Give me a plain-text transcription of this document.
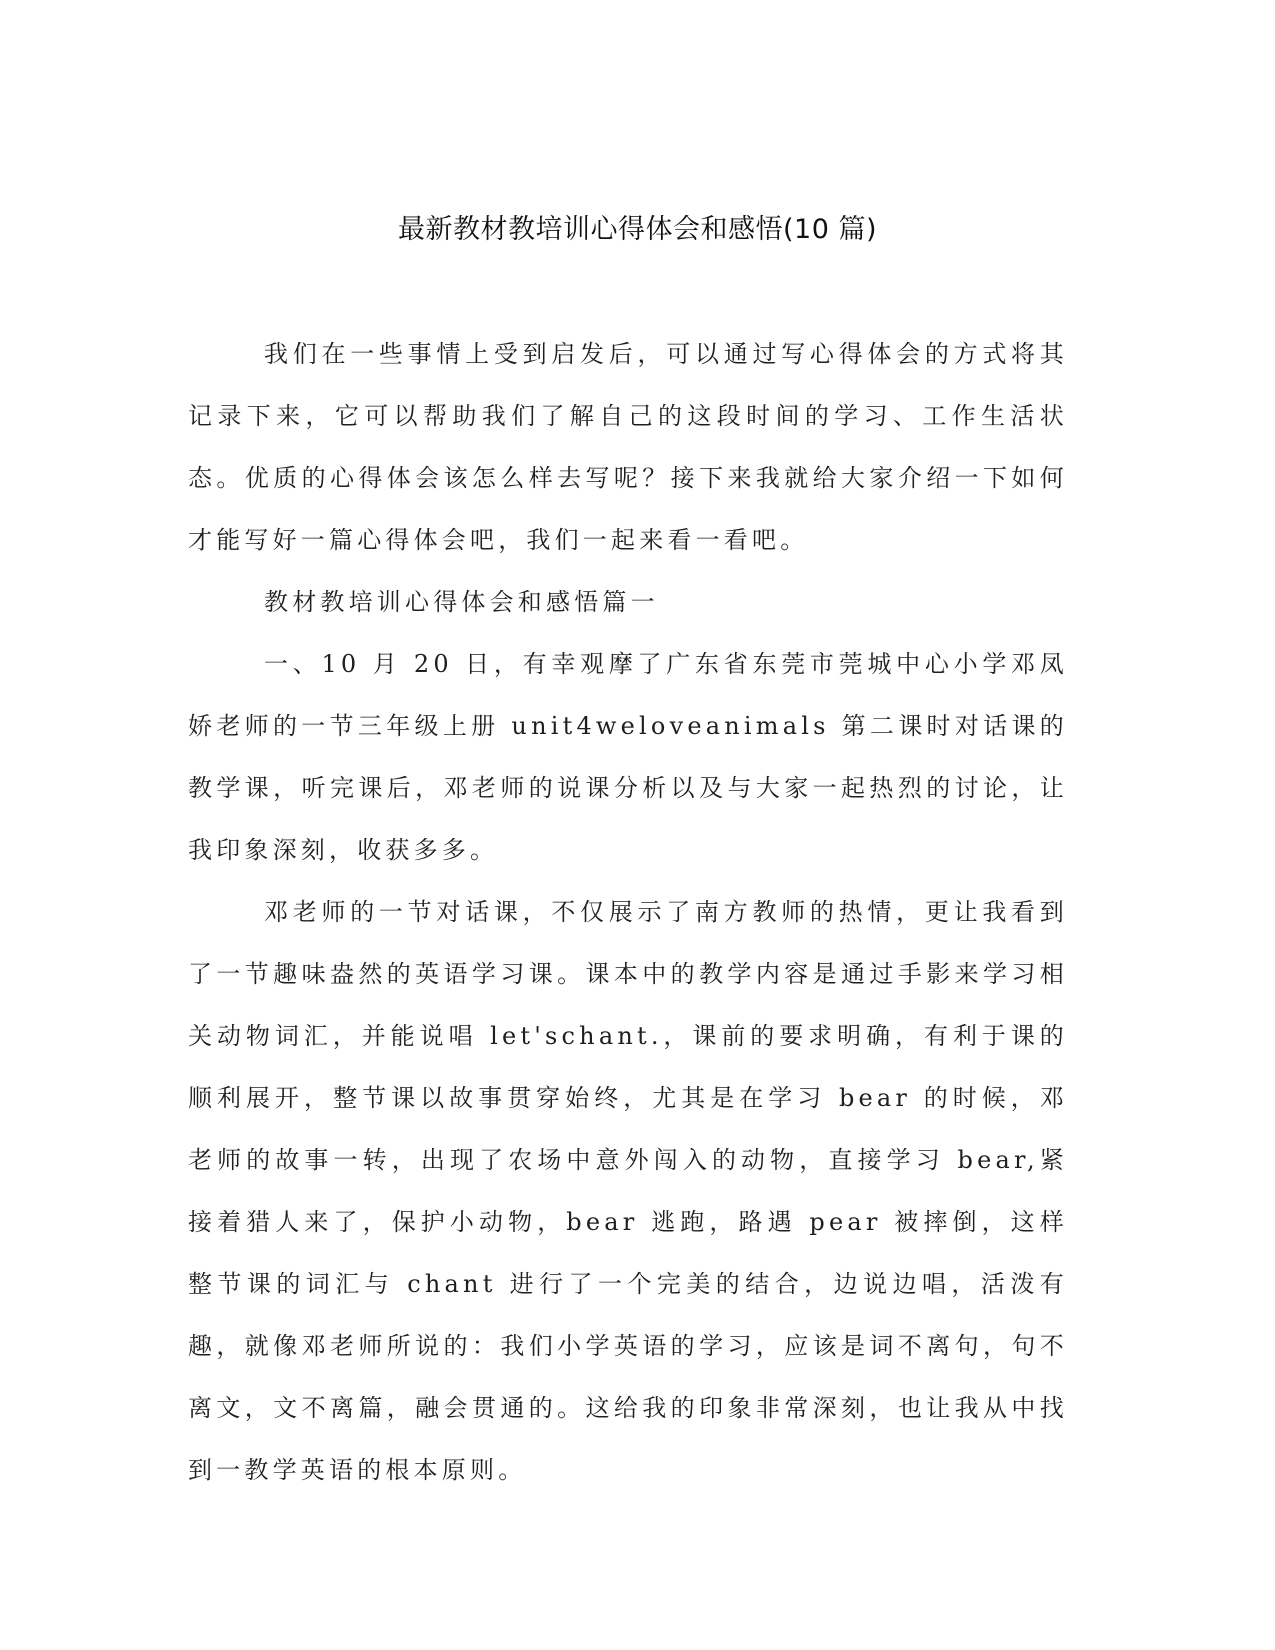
最新教材教培训心得体会和感悟(10 篇)

我们在一些事情上受到启发后，可以通过写心得体会的方式将其记录下来，它可以帮助我们了解自己的这段时间的学习、工作生活状态。优质的心得体会该怎么样去写呢？接下来我就给大家介绍一下如何才能写好一篇心得体会吧，我们一起来看一看吧。

教材教培训心得体会和感悟篇一

一、10 月 20 日，有幸观摩了广东省东莞市莞城中心小学邓凤娇老师的一节三年级上册 unit4weloveanimals 第二课时对话课的教学课，听完课后，邓老师的说课分析以及与大家一起热烈的讨论，让我印象深刻，收获多多。

邓老师的一节对话课，不仅展示了南方教师的热情，更让我看到了一节趣味盎然的英语学习课。课本中的教学内容是通过手影来学习相关动物词汇，并能说唱 let'schant.，课前的要求明确，有利于课的顺利展开，整节课以故事贯穿始终，尤其是在学习 bear 的时候，邓老师的故事一转，出现了农场中意外闯入的动物，直接学习 bear,紧接着猎人来了，保护小动物，bear 逃跑，路遇 pear 被摔倒，这样整节课的词汇与 chant 进行了一个完美的结合，边说边唱，活泼有趣，就像邓老师所说的：我们小学英语的学习，应该是词不离句，句不离文，文不离篇，融会贯通的。这给我的印象非常深刻，也让我从中找到一教学英语的根本原则。
